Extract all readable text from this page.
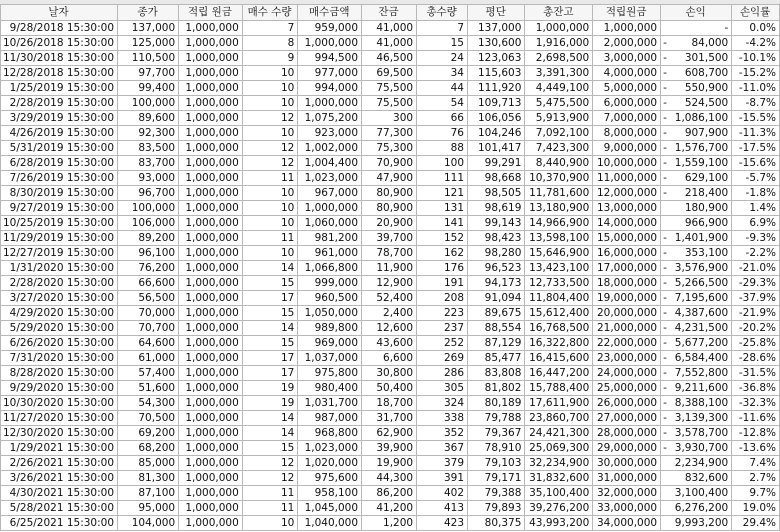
날자	종가	적립 원금	매수 수량	매수금액	잔금	총수량	평단	총잔고	적립원금	손익	손익률
9/28/2018 15:30:00	137,000	1,000,000	7	959,000	41,000	7	137,000	1,000,000	1,000,000	-	0.0%
10/26/2018 15:30:00	125,000	1,000,000	8	1,000,000	41,000	15	130,600	1,916,000	2,000,000	- 84,000	-4.2%
11/30/2018 15:30:00	110,500	1,000,000	9	994,500	46,500	24	123,063	2,698,500	3,000,000	- 301,500	-10.1%
12/28/2018 15:30:00	97,700	1,000,000	10	977,000	69,500	34	115,603	3,391,300	4,000,000	- 608,700	-15.2%
1/25/2019 15:30:00	99,400	1,000,000	10	994,000	75,500	44	111,920	4,449,100	5,000,000	- 550,900	-11.0%
2/28/2019 15:30:00	100,000	1,000,000	10	1,000,000	75,500	54	109,713	5,475,500	6,000,000	- 524,500	-8.7%
3/29/2019 15:30:00	89,600	1,000,000	12	1,075,200	300	66	106,056	5,913,900	7,000,000	- 1,086,100	-15.5%
4/26/2019 15:30:00	92,300	1,000,000	10	923,000	77,300	76	104,246	7,092,100	8,000,000	- 907,900	-11.3%
5/31/2019 15:30:00	83,500	1,000,000	12	1,002,000	75,300	88	101,417	7,423,300	9,000,000	- 1,576,700	-17.5%
6/28/2019 15:30:00	83,700	1,000,000	12	1,004,400	70,900	100	99,291	8,440,900	10,000,000	- 1,559,100	-15.6%
7/26/2019 15:30:00	93,000	1,000,000	11	1,023,000	47,900	111	98,668	10,370,900	11,000,000	- 629,100	-5.7%
8/30/2019 15:30:00	96,700	1,000,000	10	967,000	80,900	121	98,505	11,781,600	12,000,000	- 218,400	-1.8%
9/27/2019 15:30:00	100,000	1,000,000	10	1,000,000	80,900	131	98,619	13,180,900	13,000,000	180,900	1.4%
10/25/2019 15:30:00	106,000	1,000,000	10	1,060,000	20,900	141	99,143	14,966,900	14,000,000	966,900	6.9%
11/29/2019 15:30:00	89,200	1,000,000	11	981,200	39,700	152	98,423	13,598,100	15,000,000	- 1,401,900	-9.3%
12/27/2019 15:30:00	96,100	1,000,000	10	961,000	78,700	162	98,280	15,646,900	16,000,000	- 353,100	-2.2%
1/31/2020 15:30:00	76,200	1,000,000	14	1,066,800	11,900	176	96,523	13,423,100	17,000,000	- 3,576,900	-21.0%
2/28/2020 15:30:00	66,600	1,000,000	15	999,000	12,900	191	94,173	12,733,500	18,000,000	- 5,266,500	-29.3%
3/27/2020 15:30:00	56,500	1,000,000	17	960,500	52,400	208	91,094	11,804,400	19,000,000	- 7,195,600	-37.9%
4/29/2020 15:30:00	70,000	1,000,000	15	1,050,000	2,400	223	89,675	15,612,400	20,000,000	- 4,387,600	-21.9%
5/29/2020 15:30:00	70,700	1,000,000	14	989,800	12,600	237	88,554	16,768,500	21,000,000	- 4,231,500	-20.2%
6/26/2020 15:30:00	64,600	1,000,000	15	969,000	43,600	252	87,129	16,322,800	22,000,000	- 5,677,200	-25.8%
7/31/2020 15:30:00	61,000	1,000,000	17	1,037,000	6,600	269	85,477	16,415,600	23,000,000	- 6,584,400	-28.6%
8/28/2020 15:30:00	57,400	1,000,000	17	975,800	30,800	286	83,808	16,447,200	24,000,000	- 7,552,800	-31.5%
9/29/2020 15:30:00	51,600	1,000,000	19	980,400	50,400	305	81,802	15,788,400	25,000,000	- 9,211,600	-36.8%
10/30/2020 15:30:00	54,300	1,000,000	19	1,031,700	18,700	324	80,189	17,611,900	26,000,000	- 8,388,100	-32.3%
11/27/2020 15:30:00	70,500	1,000,000	14	987,000	31,700	338	79,788	23,860,700	27,000,000	- 3,139,300	-11.6%
12/30/2020 15:30:00	69,200	1,000,000	14	968,800	62,900	352	79,367	24,421,300	28,000,000	- 3,578,700	-12.8%
1/29/2021 15:30:00	68,200	1,000,000	15	1,023,000	39,900	367	78,910	25,069,300	29,000,000	- 3,930,700	-13.6%
2/26/2021 15:30:00	85,000	1,000,000	12	1,020,000	19,900	379	79,103	32,234,900	30,000,000	2,234,900	7.4%
3/26/2021 15:30:00	81,300	1,000,000	12	975,600	44,300	391	79,171	31,832,600	31,000,000	832,600	2.7%
4/30/2021 15:30:00	87,100	1,000,000	11	958,100	86,200	402	79,388	35,100,400	32,000,000	3,100,400	9.7%
5/28/2021 15:30:00	95,000	1,000,000	11	1,045,000	41,200	413	79,893	39,276,200	33,000,000	6,276,200	19.0%
6/25/2021 15:30:00	104,000	1,000,000	10	1,040,000	1,200	423	80,375	43,993,200	34,000,000	9,993,200	29.4%
